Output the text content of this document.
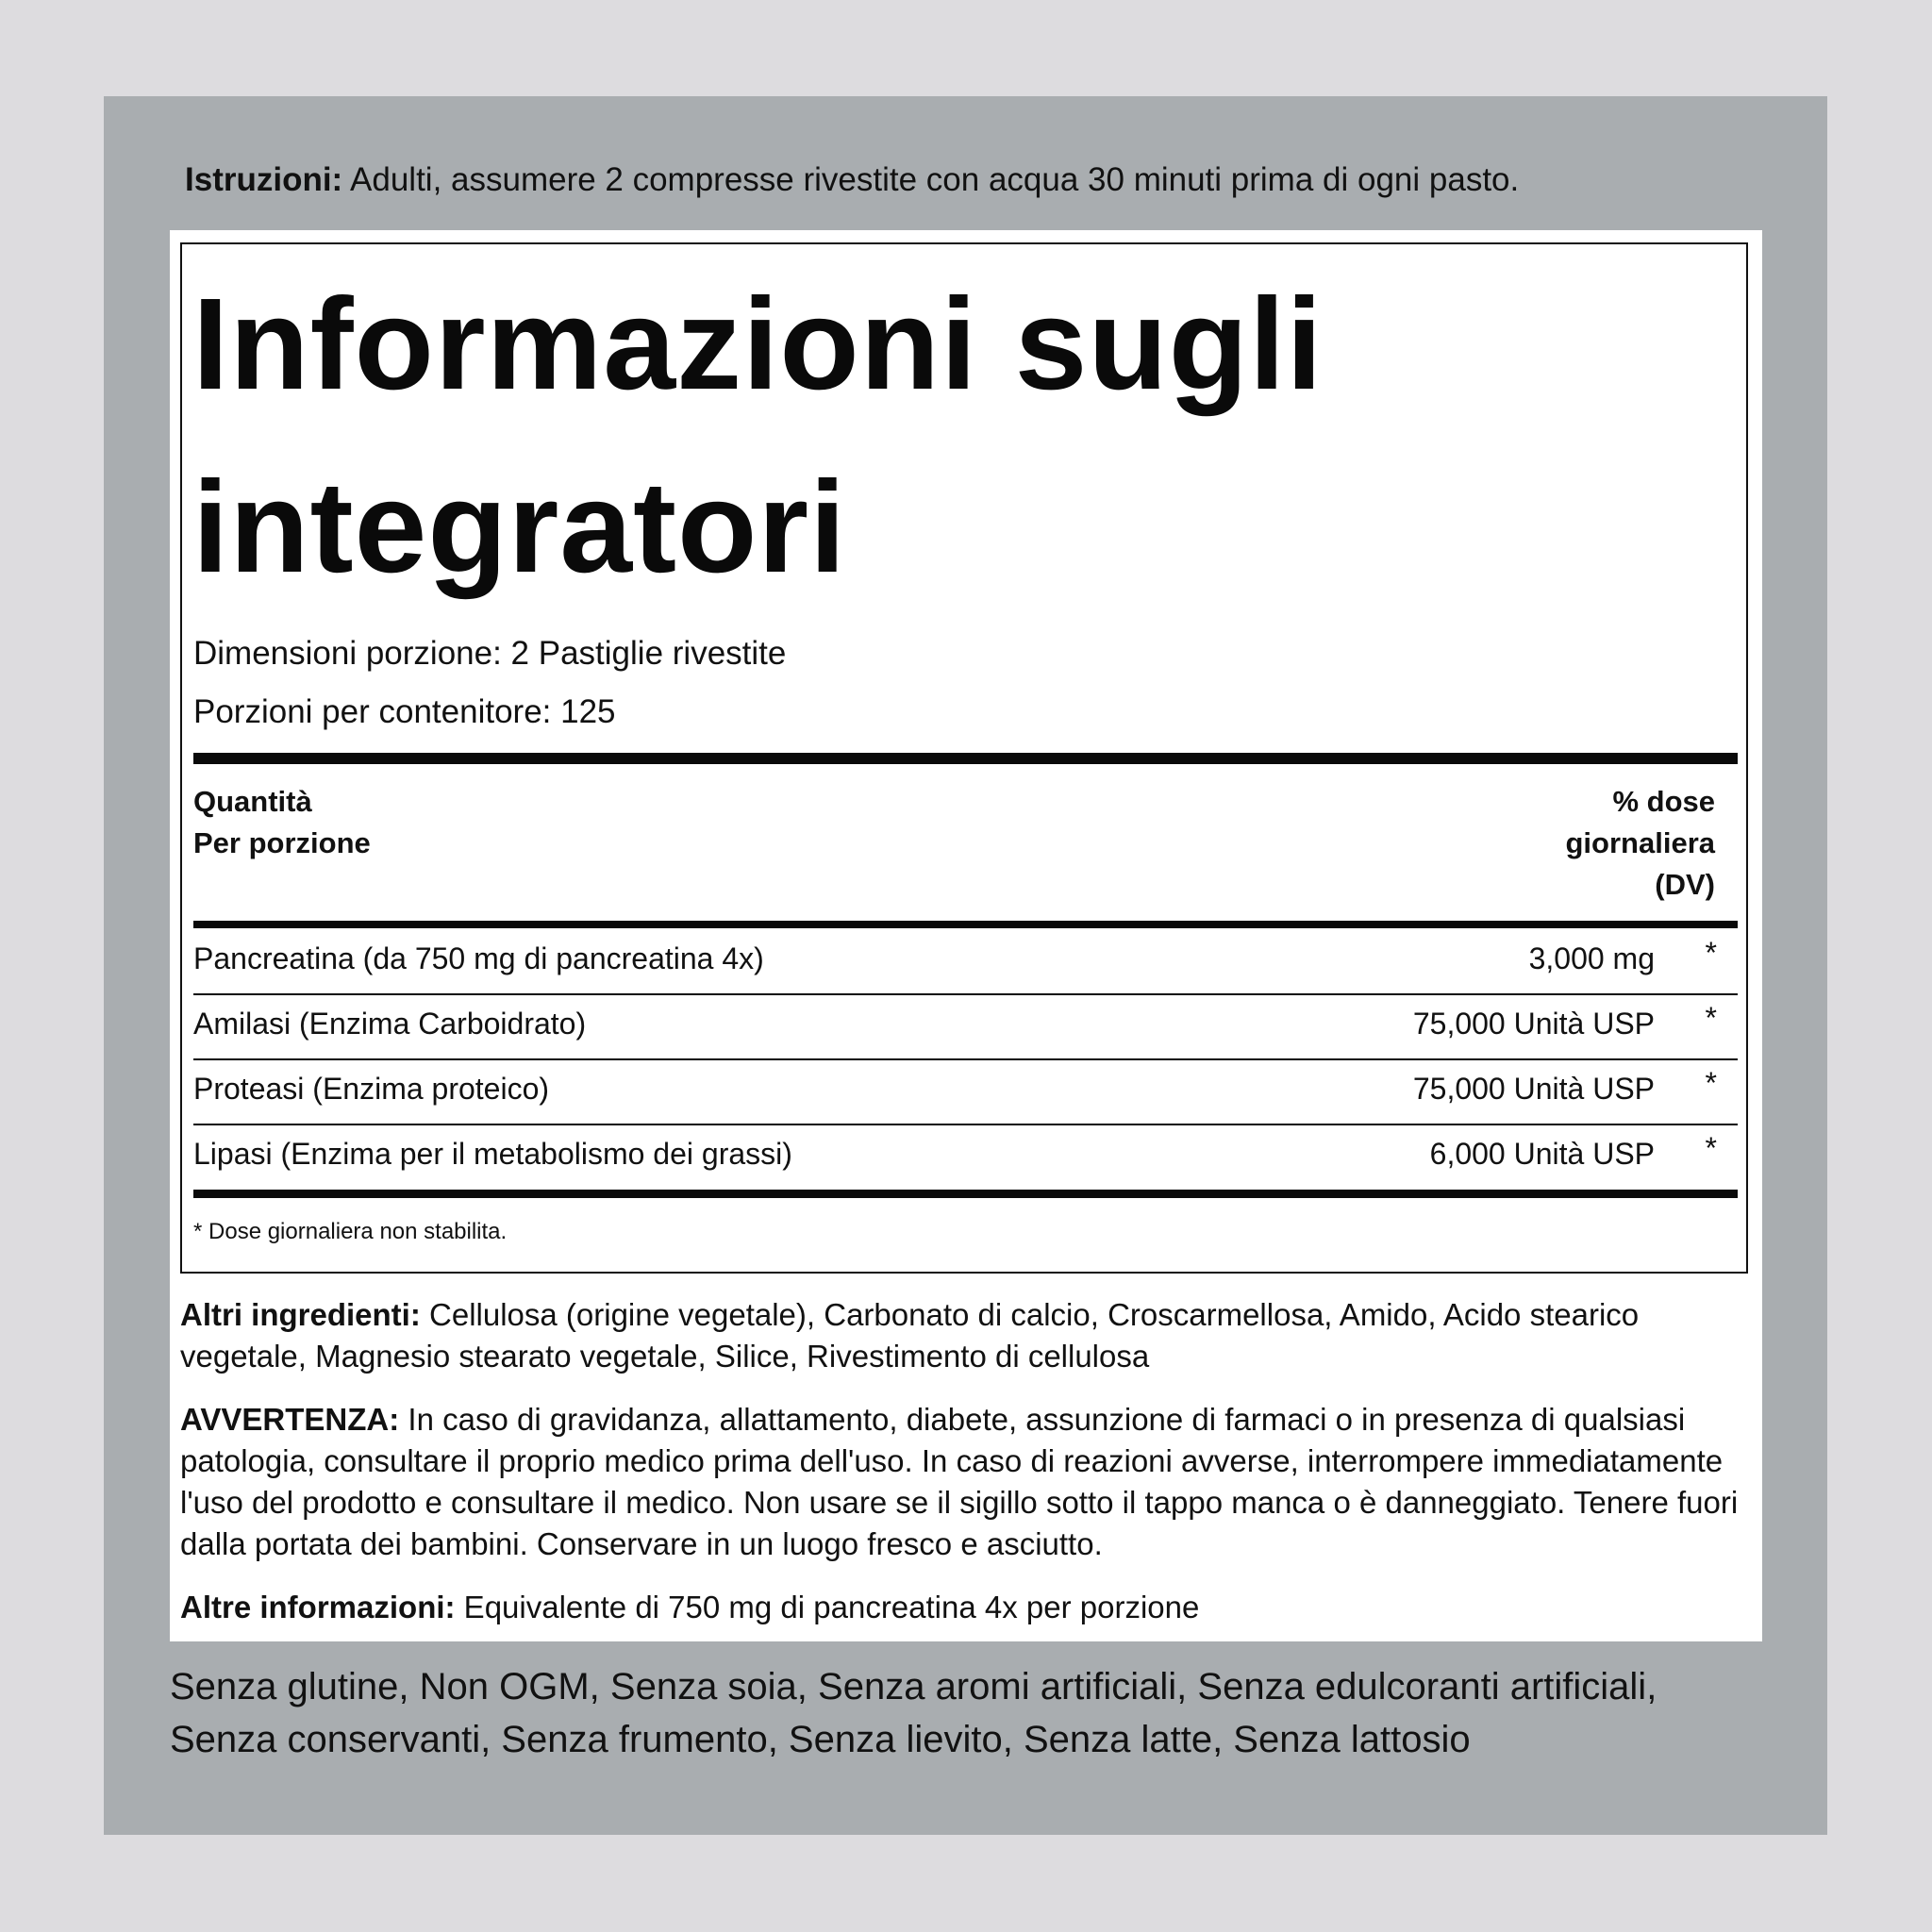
Istruzioni: Adulti, assumere 2 compresse rivestite con acqua 30 minuti prima di ogni pasto.
Informazioni sugli integratori
Dimensioni porzione: 2 Pastiglie rivestite
Porzioni per contenitore: 125
Quantità
Per porzione
% dose
giornaliera
(DV)
Pancreatina (da 750 mg di pancreatina 4x)	3,000 mg *
Amilasi (Enzima Carboidrato)	75,000 Unità USP *
Proteasi (Enzima proteico)	75,000 Unità USP *
Lipasi (Enzima per il metabolismo dei grassi)	6,000 Unità USP *
* Dose giornaliera non stabilita.
Altri ingredienti: Cellulosa (origine vegetale), Carbonato di calcio, Croscarmellosa, Amido, Acido stearico vegetale, Magnesio stearato vegetale, Silice, Rivestimento di cellulosa
AVVERTENZA: In caso di gravidanza, allattamento, diabete, assunzione di farmaci o in presenza di qualsiasi patologia, consultare il proprio medico prima dell'uso. In caso di reazioni avverse, interrompere immediatamente l'uso del prodotto e consultare il medico. Non usare se il sigillo sotto il tappo manca o è danneggiato. Tenere fuori dalla portata dei bambini. Conservare in un luogo fresco e asciutto.
Altre informazioni: Equivalente di 750 mg di pancreatina 4x per porzione
Senza glutine, Non OGM, Senza soia, Senza aromi artificiali, Senza edulcoranti artificiali, Senza conservanti, Senza frumento, Senza lievito, Senza latte, Senza lattosio
